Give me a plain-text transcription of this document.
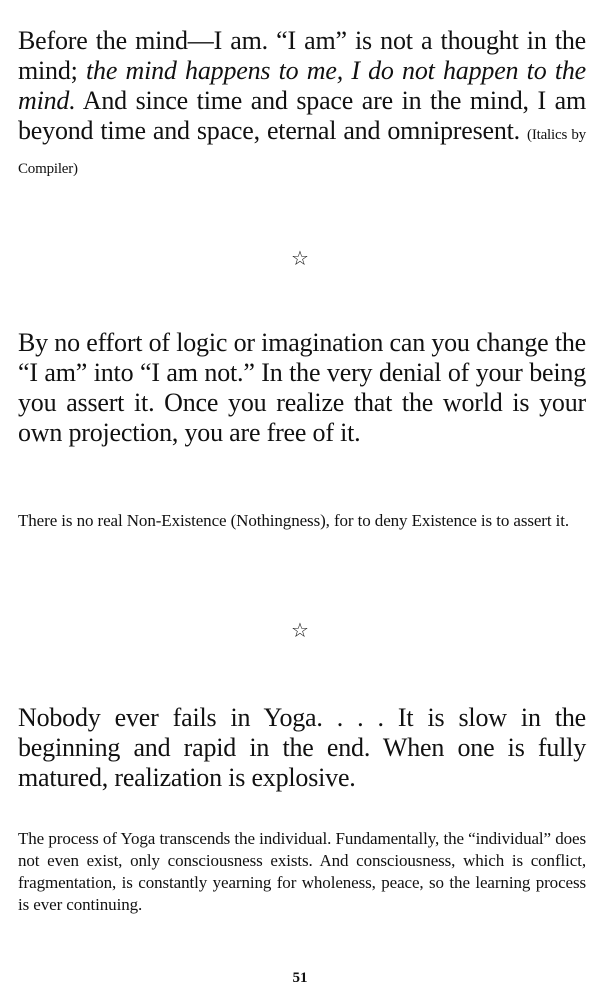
Before the mind—I am. “I am” is not a thought in the mind; the mind happens to me, I do not happen to the mind. And since time and space are in the mind, I am beyond time and space, eternal and omnipresent. (Italics by Compiler)

☆

By no effort of logic or imagination can you change the “I am” into “I am not.” In the very denial of your being you assert it. Once you realize that the world is your own projection, you are free of it.

There is no real Non-Existence (Nothingness), for to deny Existence is to assert it.

☆

Nobody ever fails in Yoga. . . . It is slow in the beginning and rapid in the end. When one is fully matured, realization is explosive.

The process of Yoga transcends the individual. Fundamentally, the “individual” does not even exist, only consciousness exists. And consciousness, which is conflict, fragmentation, is constantly yearning for wholeness, peace, so the learning process is ever continuing.

51
